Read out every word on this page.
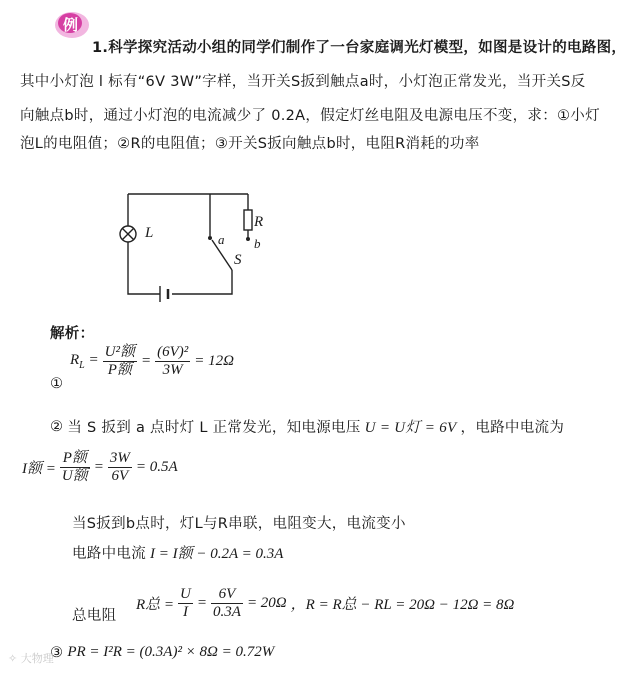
例
1.科学探究活动小组的同学们制作了一台家庭调光灯模型，如图是设计的电路图，
其中小灯泡 l 标有“6V 3W”字样，当开关S扳到触点a时，小灯泡正常发光，当开关S反
向触点b时，通过小灯泡的电流减少了 0.2A，假定灯丝电阻及电源电压不变，求：①小灯
泡L的电阻值；②R的电阻值；③开关S扳向触点b时，电阻R消耗的功率
L
R
a b
S
解析：
$R_L = \frac{\text{U²额}}{\text{P额}} = \frac{\text{(6V)²}}{3W} = 12\Omega$
①
② 当 S 扳到 a 点时灯 L 正常发光，知电源电压 U = U灯 = 6V ，电路中电流为
I额 = $\frac{\text{P额}}{\text{U额}} = \frac{3W}{6V} = 0.5A$
当S扳到b点时，灯L与R串联，电阻变大，电流变小
电路中电流 I = I额 − 0.2A = 0.3A
总电阻
R总 = $\frac{U}{I} = \frac{6V}{0.3A} = 20\Omega$ ，R = R总 − RL = 20Ω − 12Ω = 8Ω
③ PR = I²R = (0.3A)² × 8Ω = 0.72W
✧ 大物理
